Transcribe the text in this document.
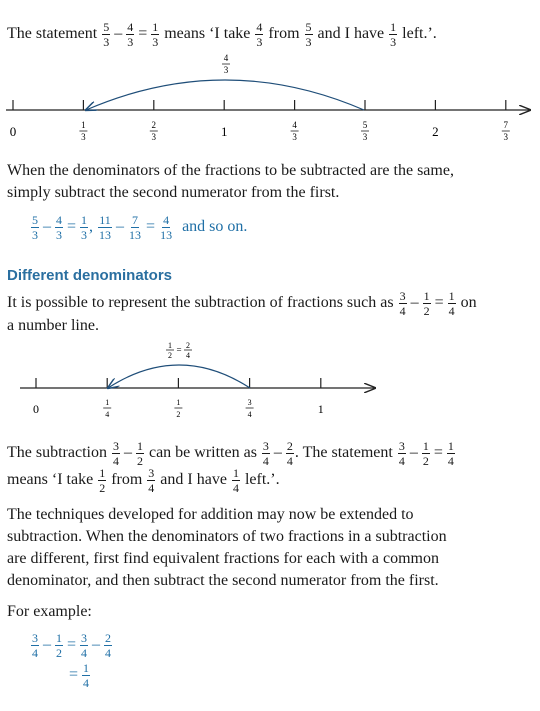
The statement $\frac{5}{3} - \frac{4}{3} = \frac{1}{3}$ means ‘I take $\frac{4}{3}$ from $\frac{5}{3}$ and I have $\frac{1}{3}$ left.’.
0	1
3
2
3	1	4
3
5
3	2	7
3
4
3
When the denominators of the fractions to be subtracted are the same,
simply subtract the second numerator from the first.
$\frac{5}{3} - \frac{4}{3} = \frac{1}{3}$ , $\frac{11}{13} - \frac{7}{13} = \frac{4}{13}$ and so on.
Different denominators
It is possible to represent the subtraction of fractions such as $\frac{3}{4} - \frac{1}{2} = \frac{1}{4}$ on
a number line.
0	1
4
1
2
3
4	1
1
2
= 2
4
The subtraction $\frac{3}{4} - \frac{1}{2}$ can be written as $\frac{3}{4} - \frac{2}{4}$ . The statement $\frac{3}{4} - \frac{1}{2} = \frac{1}{4}$
means ‘I take $\frac{1}{2}$ from $\frac{3}{4}$ and I have $\frac{1}{4}$ left.’.
The techniques developed for addition may now be extended to
subtraction. When the denominators of two fractions in a subtraction
are different, first find equivalent fractions for each with a common
denominator, and then subtract the second numerator from the first.
For example:
$\frac{3}{4} - \frac{1}{2} = \frac{3}{4} - \frac{2}{4}$
= $\frac{1}{4}$
